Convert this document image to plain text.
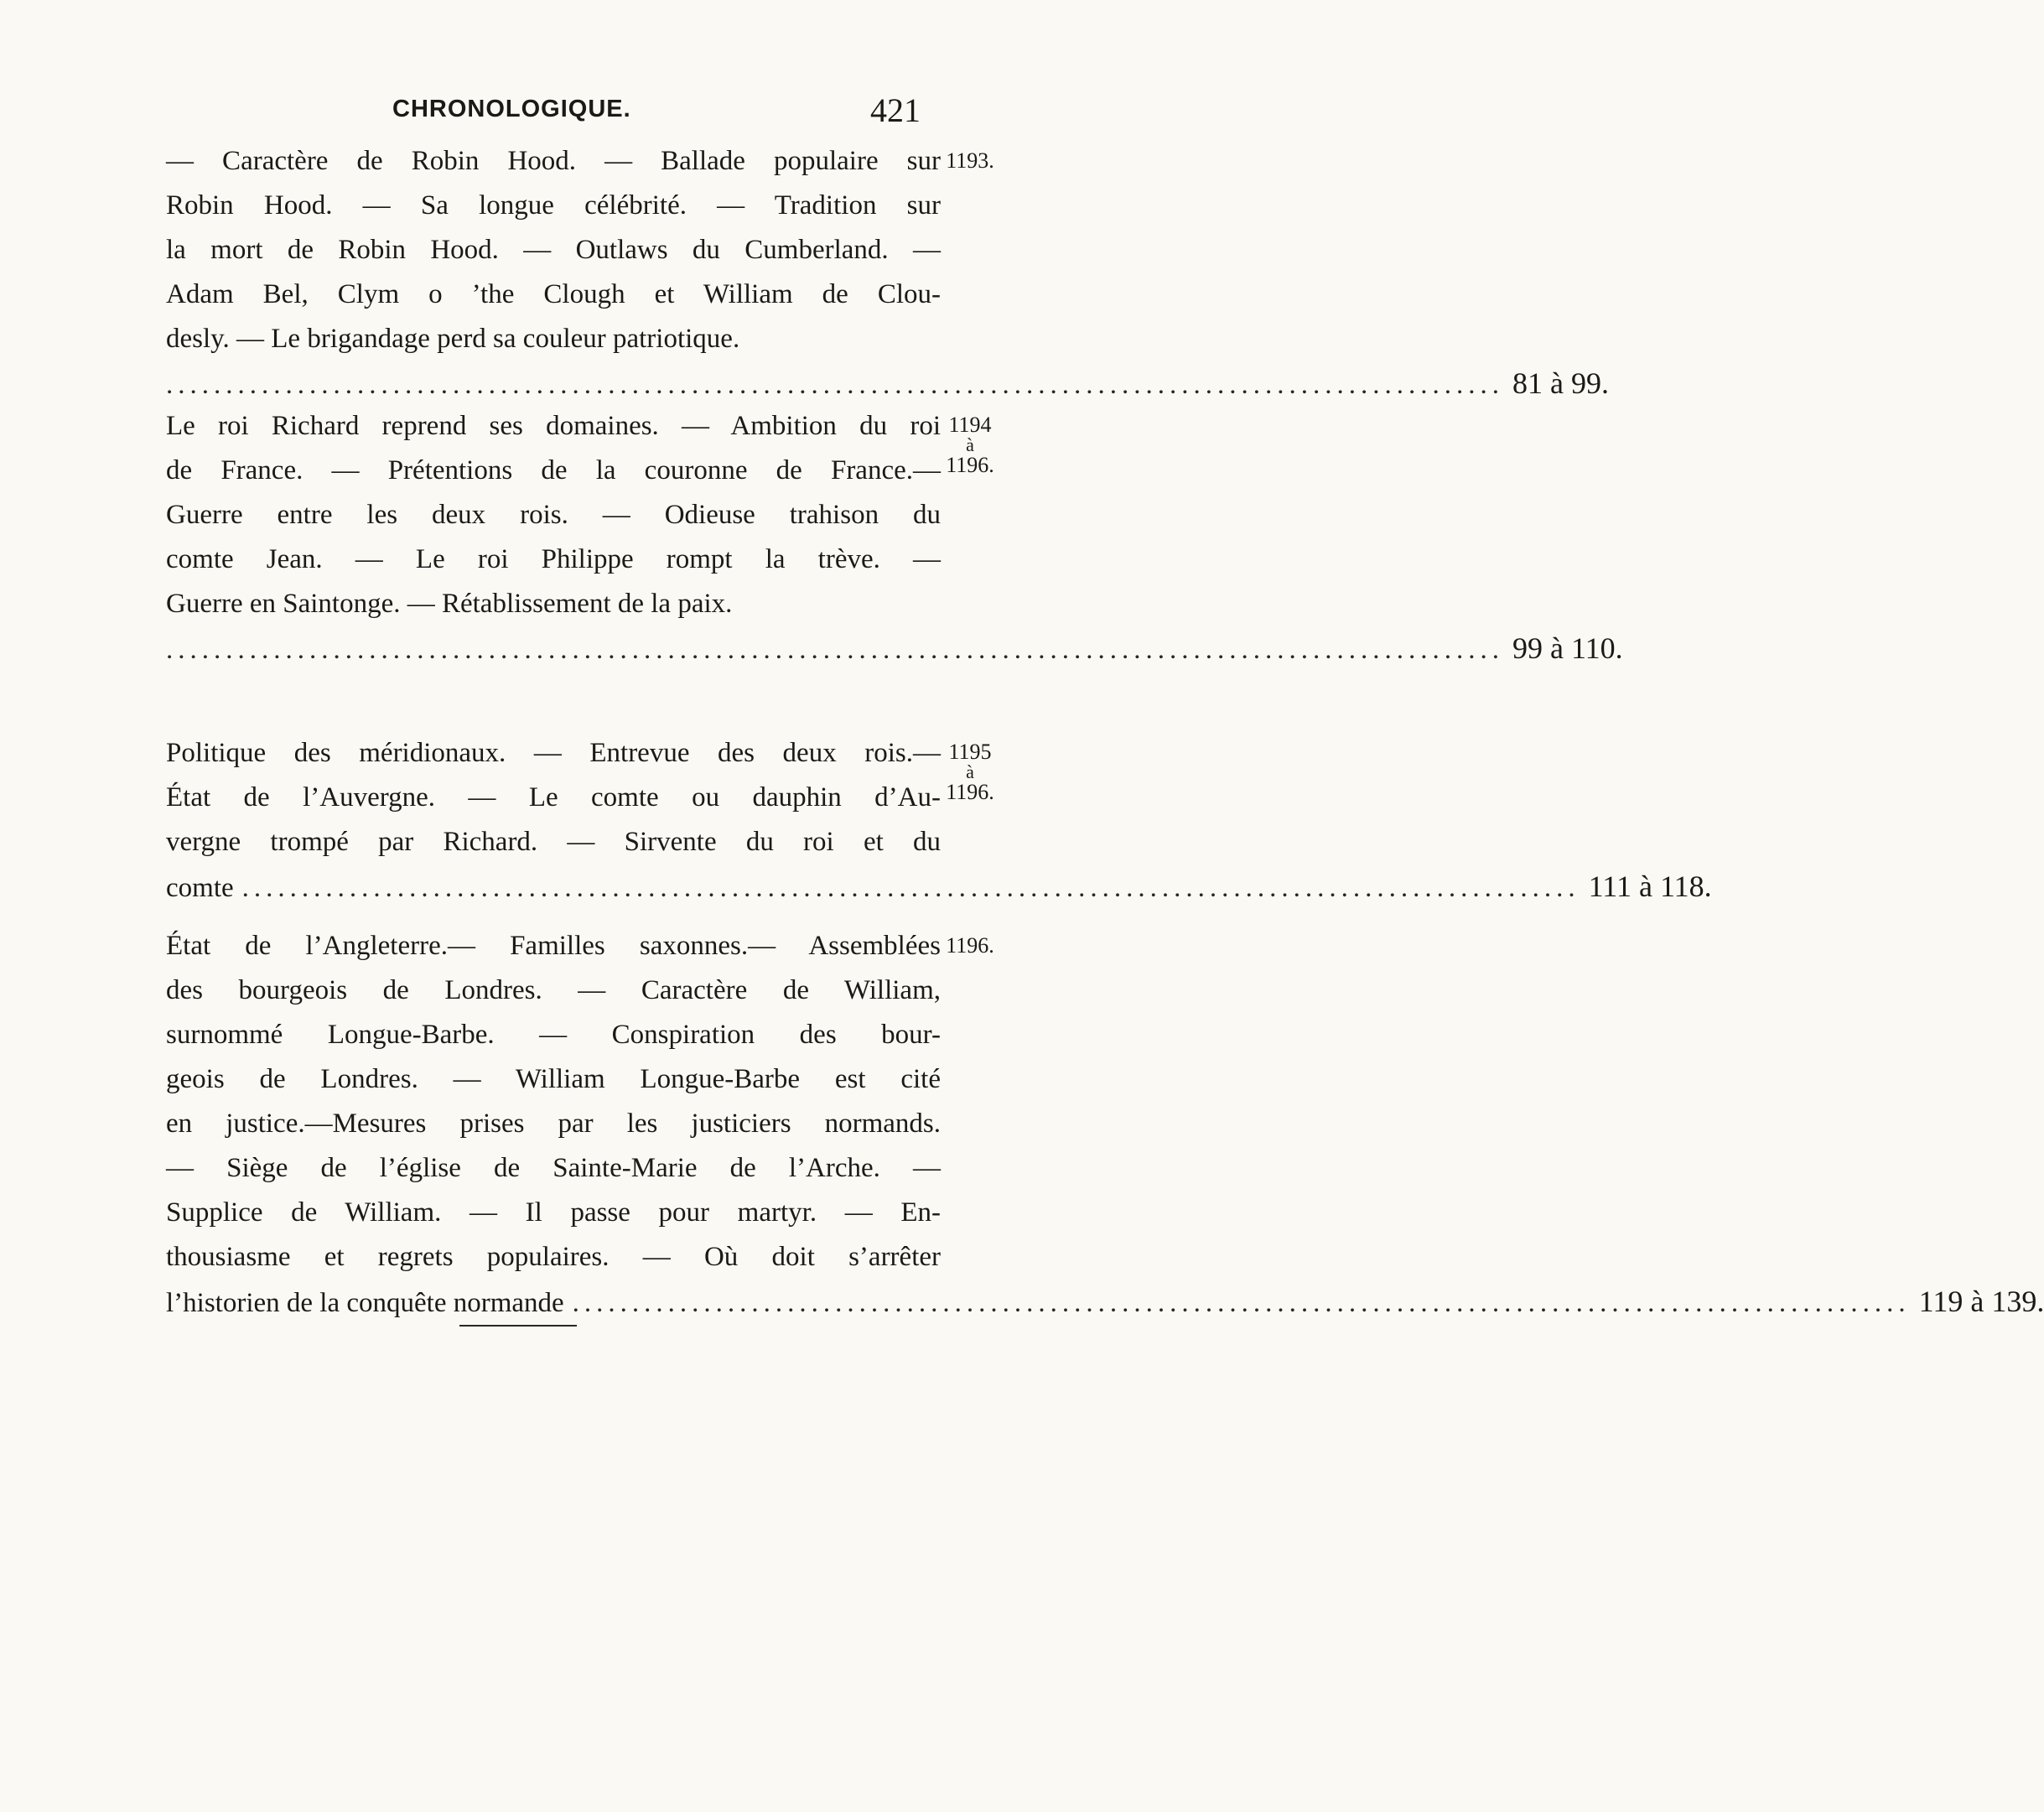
CHRONOLOGIQUE.	421
— Caractère de Robin Hood. — Ballade populaire sur
Robin Hood. — Sa longue célébrité. — Tradition sur
la mort de Robin Hood. — Outlaws du Cumberland. —
Adam Bel, Clym o ’the Clough et William de Clou-
desly. — Le brigandage perd sa couleur patriotique.
................................................................................................................ 81 à 99.
1193.
Le roi Richard reprend ses domaines. — Ambition du roi
de France. — Prétentions de la couronne de France.—
Guerre entre les deux rois. — Odieuse trahison du
comte Jean. — Le roi Philippe rompt la trève. —
Guerre en Saintonge. — Rétablissement de la paix.
................................................................................................................ 99 à 110.
1194
à
1196.
Politique des méridionaux. — Entrevue des deux rois.—
État de l’Auvergne. — Le comte ou dauphin d’Au-
vergne trompé par Richard. — Sirvente du roi et du
comte ................................................................................................................ 111 à 118.
1195
à
1196.
État de l’Angleterre.— Familles saxonnes.— Assemblées
des bourgeois de Londres. — Caractère de William,
surnommé Longue-Barbe. — Conspiration des bour-
geois de Londres. — William Longue-Barbe est cité
en justice.—Mesures prises par les justiciers normands.
— Siège de l’église de Sainte-Marie de l’Arche. —
Supplice de William. — Il passe pour martyr. — En-
thousiasme et regrets populaires. — Où doit s’arrêter
l’historien de la conquête normande ................................................................................................................ 119 à 139.
1196.
